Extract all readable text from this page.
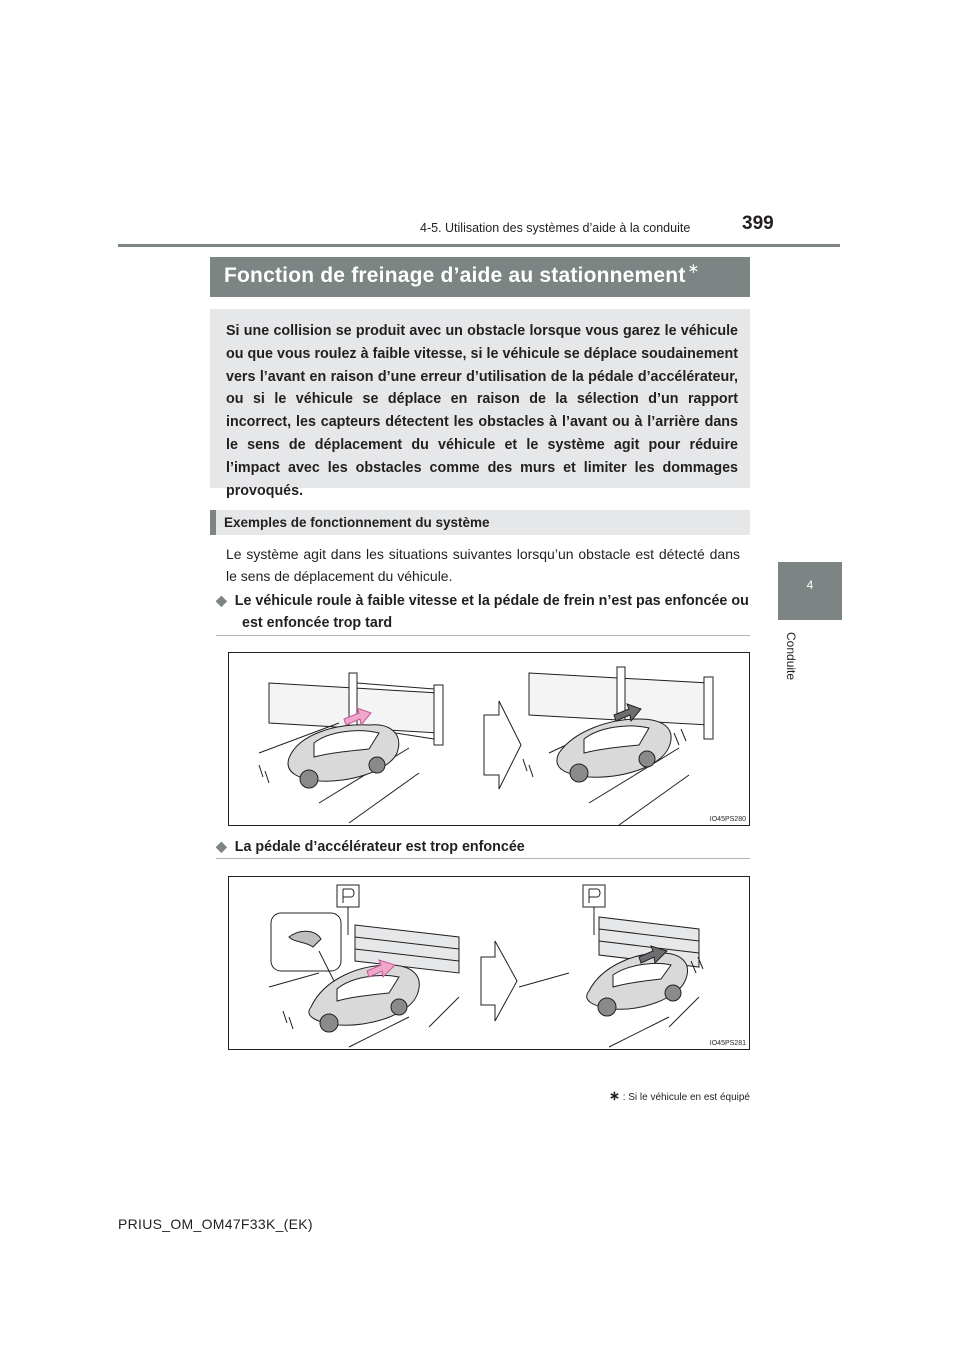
4-5. Utilisation des systèmes d’aide à la conduite	399
4
Conduite
Fonction de freinage d’aide au stationnement ∗
Si une collision se produit avec un obstacle lorsque vous garez le véhicule ou que vous roulez à faible vitesse, si le véhicule se déplace soudainement vers l’avant en raison d’une erreur d’utilisation de la pédale d’accélérateur, ou si le véhicule se déplace en raison de la sélection d’un rapport incorrect, les capteurs détectent les obstacles à l’avant ou à l’arrière dans le sens de déplacement du véhicule et le système agit pour réduire l’impact avec les obstacles comme des murs et limiter les dommages provoqués.
Exemples de fonctionnement du système
Le système agit dans les situations suivantes lorsqu’un obstacle est détecté dans le sens de déplacement du véhicule.
◆ Le véhicule roule à faible vitesse et la pédale de frein n’est pas enfoncée ou est enfoncée trop tard
IO45PS280
◆ La pédale d’accélérateur est trop enfoncée
IO45PS281
∗ : Si le véhicule en est équipé
PRIUS_OM_OM47F33K_(EK)
